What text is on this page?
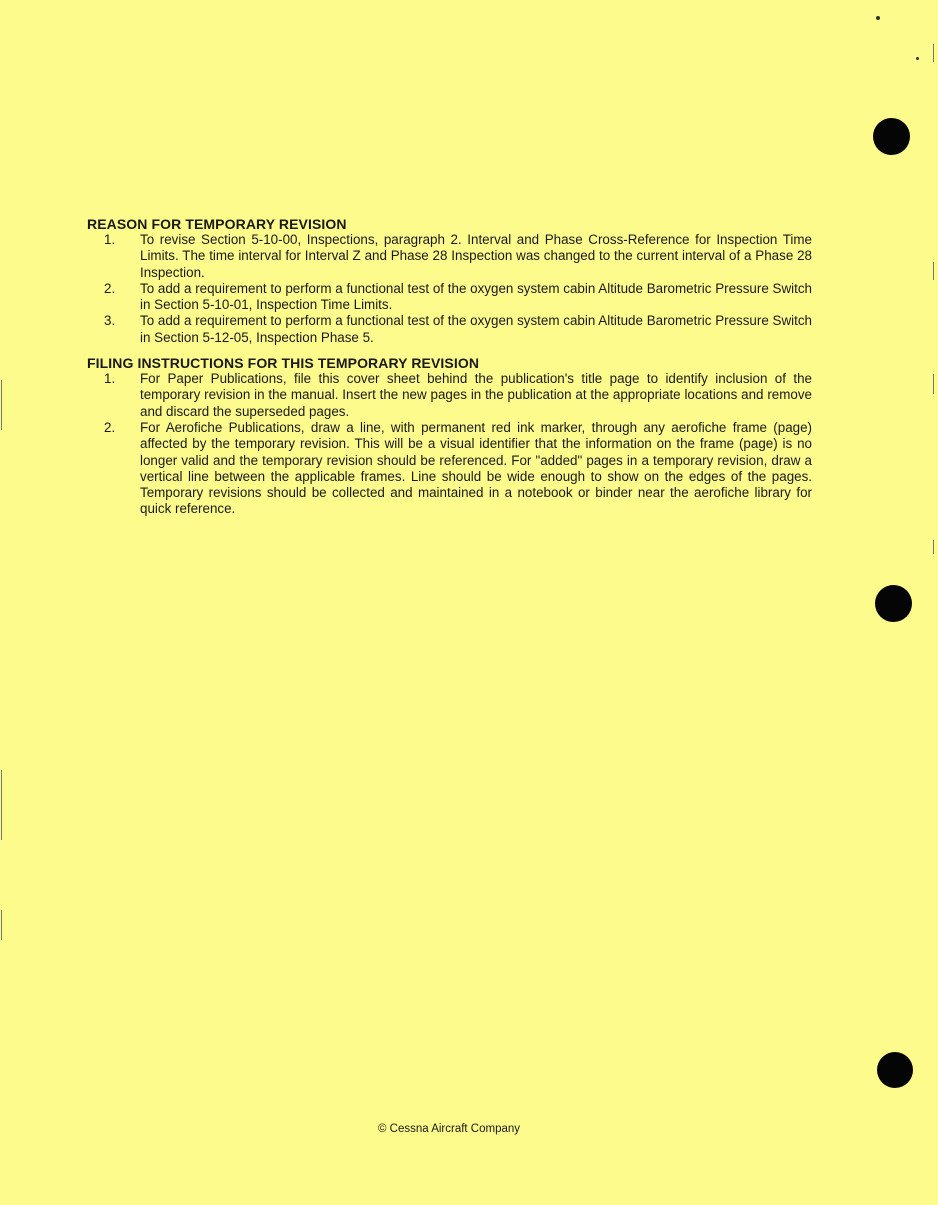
REASON FOR TEMPORARY REVISION
1. To revise Section 5-10-00, Inspections, paragraph 2. Interval and Phase Cross-Reference for Inspection Time Limits. The time interval for Interval Z and Phase 28 Inspection was changed to the current interval of a Phase 28 Inspection.
2. To add a requirement to perform a functional test of the oxygen system cabin Altitude Barometric Pressure Switch in Section 5-10-01, Inspection Time Limits.
3. To add a requirement to perform a functional test of the oxygen system cabin Altitude Barometric Pressure Switch in Section 5-12-05, Inspection Phase 5.
FILING INSTRUCTIONS FOR THIS TEMPORARY REVISION
1. For Paper Publications, file this cover sheet behind the publication's title page to identify inclusion of the temporary revision in the manual. Insert the new pages in the publication at the appropriate locations and remove and discard the superseded pages.
2. For Aerofiche Publications, draw a line, with permanent red ink marker, through any aerofiche frame (page) affected by the temporary revision. This will be a visual identifier that the information on the frame (page) is no longer valid and the temporary revision should be referenced. For "added" pages in a temporary revision, draw a vertical line between the applicable frames. Line should be wide enough to show on the edges of the pages. Temporary revisions should be collected and maintained in a notebook or binder near the aerofiche library for quick reference.
© Cessna Aircraft Company
